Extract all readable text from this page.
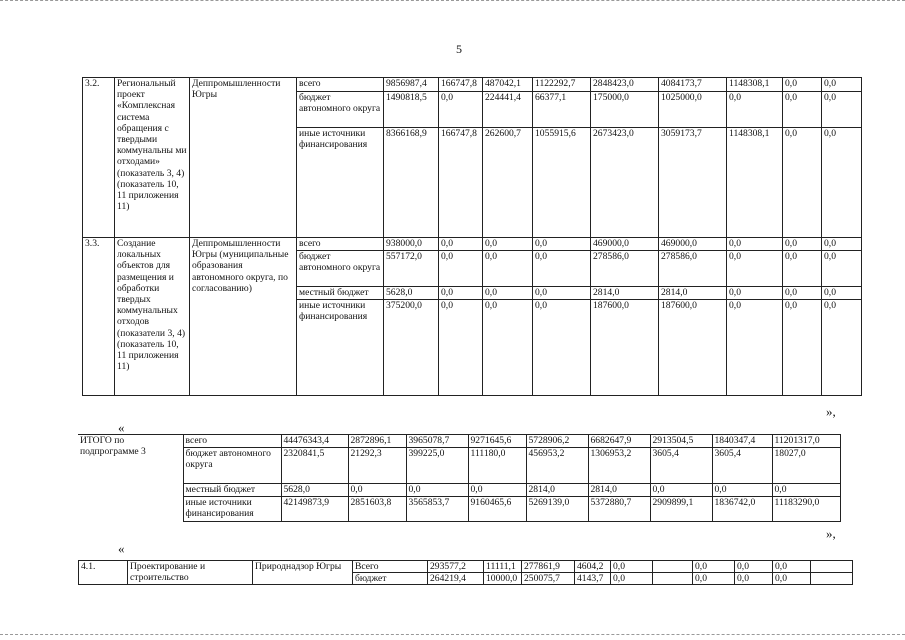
5
3.2.	Региональный проект «Комплексная система обращения с твердыми коммунальны ми отходами» (показатель 3, 4) (показатель 10, 11 приложения 11)	Деппромышленности Югры	всего	9856987,4	166747,8	487042,1	1122292,7	2848423,0	4084173,7	1148308,1	0,0	0,0
			бюджет автономного округа	1490818,5	0,0	224441,4	66377,1	175000,0	1025000,0	0,0	0,0	0,0
			иные источники финансирования	8366168,9	166747,8	262600,7	1055915,6	2673423,0	3059173,7	1148308,1	0,0	0,0
3.3.	Создание локальных объектов для размещения и обработки твердых коммунальных отходов (показатели 3, 4) (показатель 10, 11 приложения 11)	Деппромышленности Югры (муниципальные образования автономного округа, по согласованию)	всего	938000,0	0,0	0,0	0,0	469000,0	469000,0	0,0	0,0	0,0
			бюджет автономного округа	557172,0	0,0	0,0	0,0	278586,0	278586,0	0,0	0,0	0,0
			местный бюджет	5628,0	0,0	0,0	0,0	2814,0	2814,0	0,0	0,0	0,0
			иные источники финансирования	375200,0	0,0	0,0	0,0	187600,0	187600,0	0,0	0,0	0,0
»,
«
ИТОГО по подпрограмме 3	всего	44476343,4	2872896,1	3965078,7	9271645,6	5728906,2	6682647,9	2913504,5	1840347,4	11201317,0
	бюджет автономного округа	2320841,5	21292,3	399225,0	111180,0	456953,2	1306953,2	3605,4	3605,4	18027,0
	местный бюджет	5628,0	0,0	0,0	0,0	2814,0	2814,0	0,0	0,0	0,0
	иные источники финансирования	42149873,9	2851603,8	3565853,7	9160465,6	5269139,0	5372880,7	2909899,1	1836742,0	11183290,0
»,
«
4.1.	Проектирование и строительство	Природнадзор Югры	Всего	293577,2	11111,1	277861,9	4604,2	0,0		0,0	0,0	0,0	
			бюджет	264219,4	10000,0	250075,7	4143,7	0,0		0,0	0,0	0,0	
